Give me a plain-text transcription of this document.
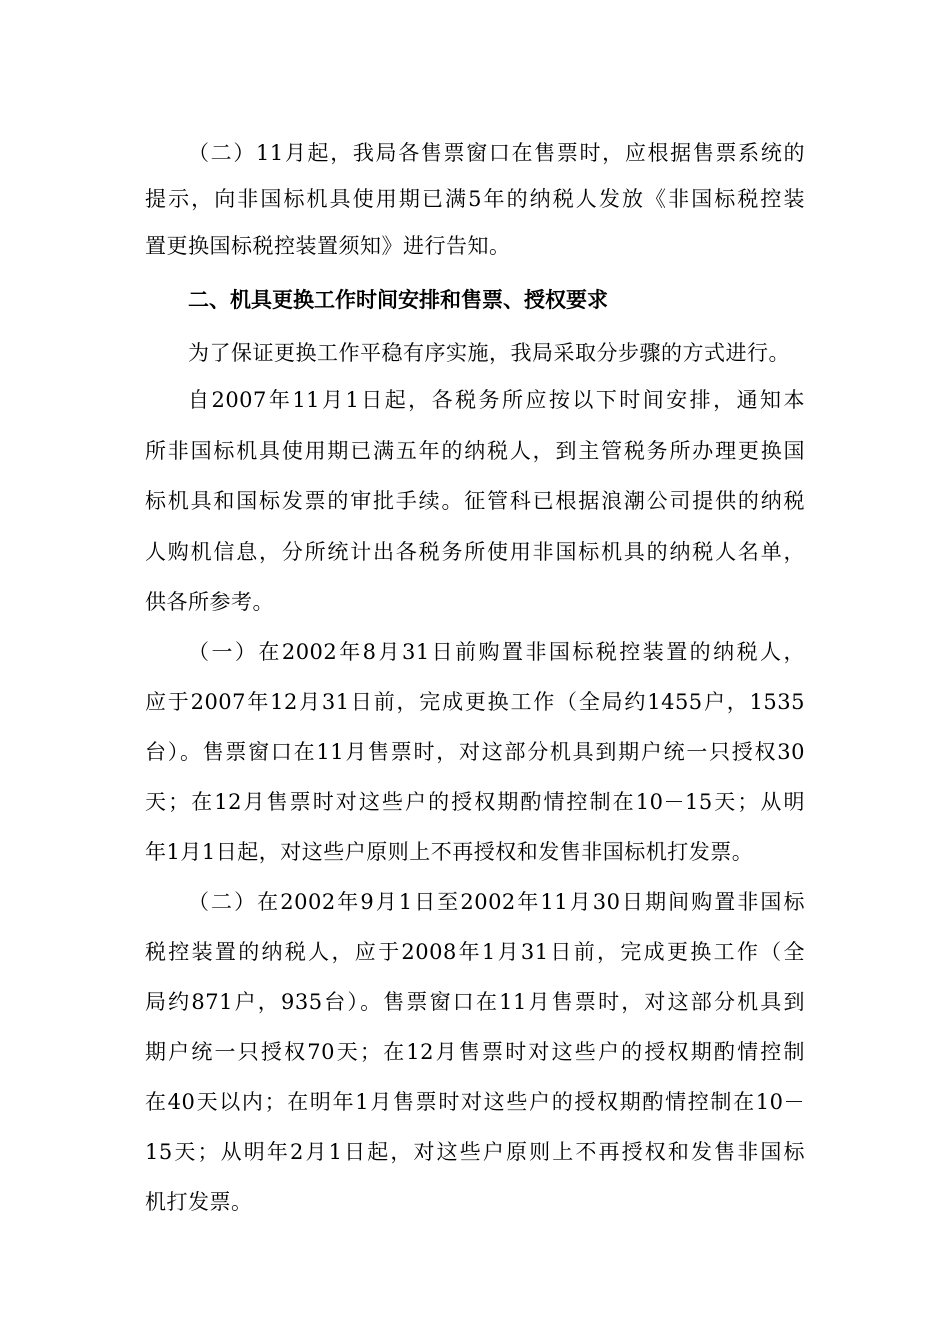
（二）11月起，我局各售票窗口在售票时，应根据售票系统的
提示，向非国标机具使用期已满5年的纳税人发放《非国标税控装
置更换国标税控装置须知》进行告知。
二、机具更换工作时间安排和售票、授权要求
为了保证更换工作平稳有序实施，我局采取分步骤的方式进行。
自2007年11月1日起，各税务所应按以下时间安排，通知本
所非国标机具使用期已满五年的纳税人，到主管税务所办理更换国
标机具和国标发票的审批手续。征管科已根据浪潮公司提供的纳税
人购机信息，分所统计出各税务所使用非国标机具的纳税人名单，
供各所参考。
（一）在2002年8月31日前购置非国标税控装置的纳税人，
应于2007年12月31日前，完成更换工作（全局约1455户，1535
台）。售票窗口在11月售票时，对这部分机具到期户统一只授权30
天；在12月售票时对这些户的授权期酌情控制在10－15天；从明
年1月1日起，对这些户原则上不再授权和发售非国标机打发票。
（二）在2002年9月1日至2002年11月30日期间购置非国标
税控装置的纳税人，应于2008年1月31日前，完成更换工作（全
局约871户，935台）。售票窗口在11月售票时，对这部分机具到
期户统一只授权70天；在12月售票时对这些户的授权期酌情控制
在40天以内；在明年1月售票时对这些户的授权期酌情控制在10－
15天；从明年2月1日起，对这些户原则上不再授权和发售非国标
机打发票。
